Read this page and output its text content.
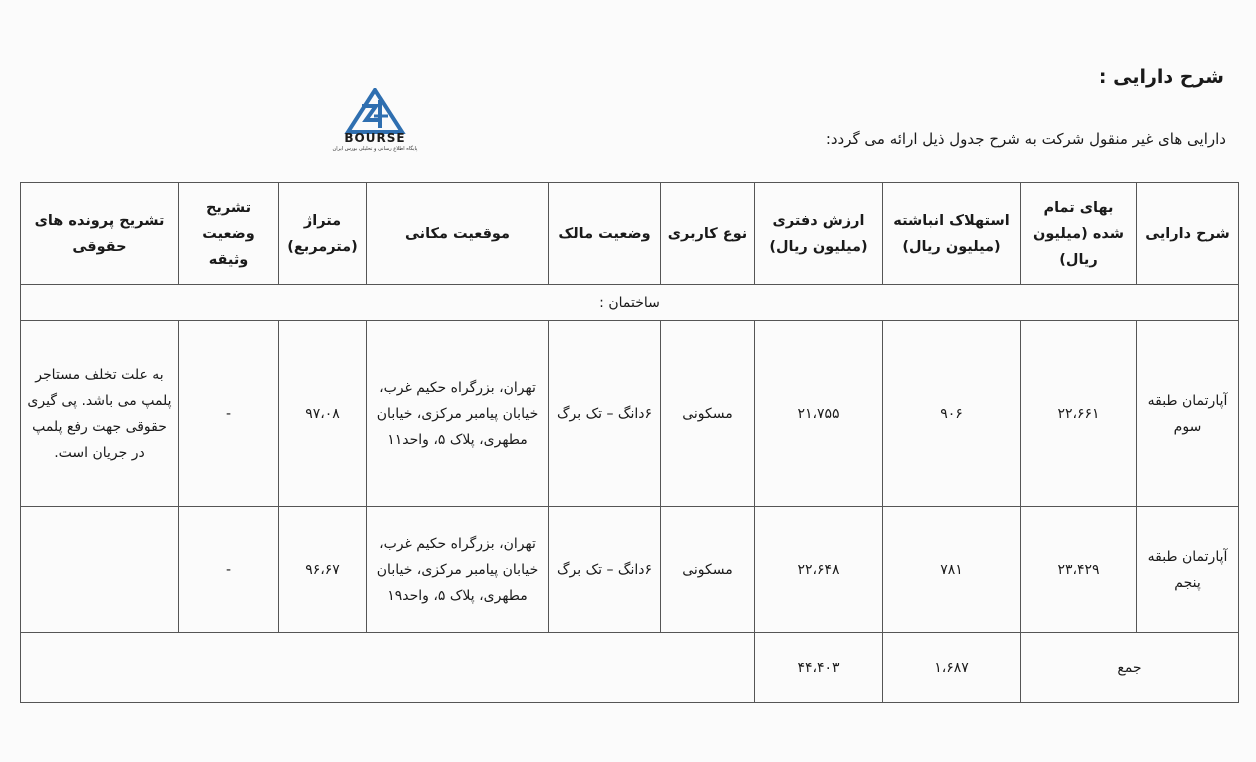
شرح دارایی :
دارایی های غیر منقول شرکت به شرح جدول ذیل ارائه می گردد:
BOURSE
پایگاه اطلاع رسانی و تحلیلی بورس ایران
شرح دارایی	بهای تمام شده (میلیون ریال)	استهلاک انباشته (میلیون ریال)	ارزش دفتری (میلیون ریال)	نوع کاربری	وضعیت مالک	موقعیت مکانی	متراژ (مترمربع)	تشریح وضعیت وثیقه	تشریح پرونده های حقوقی
ساختمان :									
آپارتمان طبقه سوم	۲۲،۶۶۱	۹۰۶	۲۱،۷۵۵	مسکونی	۶دانگ – تک برگ	تهران، بزرگراه حکیم غرب، خیابان پیامبر مرکزی، خیابان مطهری، پلاک ۵، واحد۱۱	۹۷،۰۸	-	به علت تخلف مستاجر پلمپ می باشد. پی گیری حقوقی جهت رفع پلمپ در جریان است.
آپارتمان طبقه پنجم	۲۳،۴۲۹	۷۸۱	۲۲،۶۴۸	مسکونی	۶دانگ – تک برگ	تهران، بزرگراه حکیم غرب، خیابان پیامبر مرکزی، خیابان مطهری، پلاک ۵، واحد۱۹	۹۶،۶۷	-	
جمع		۱،۶۸۷	۴۴،۴۰۳						
